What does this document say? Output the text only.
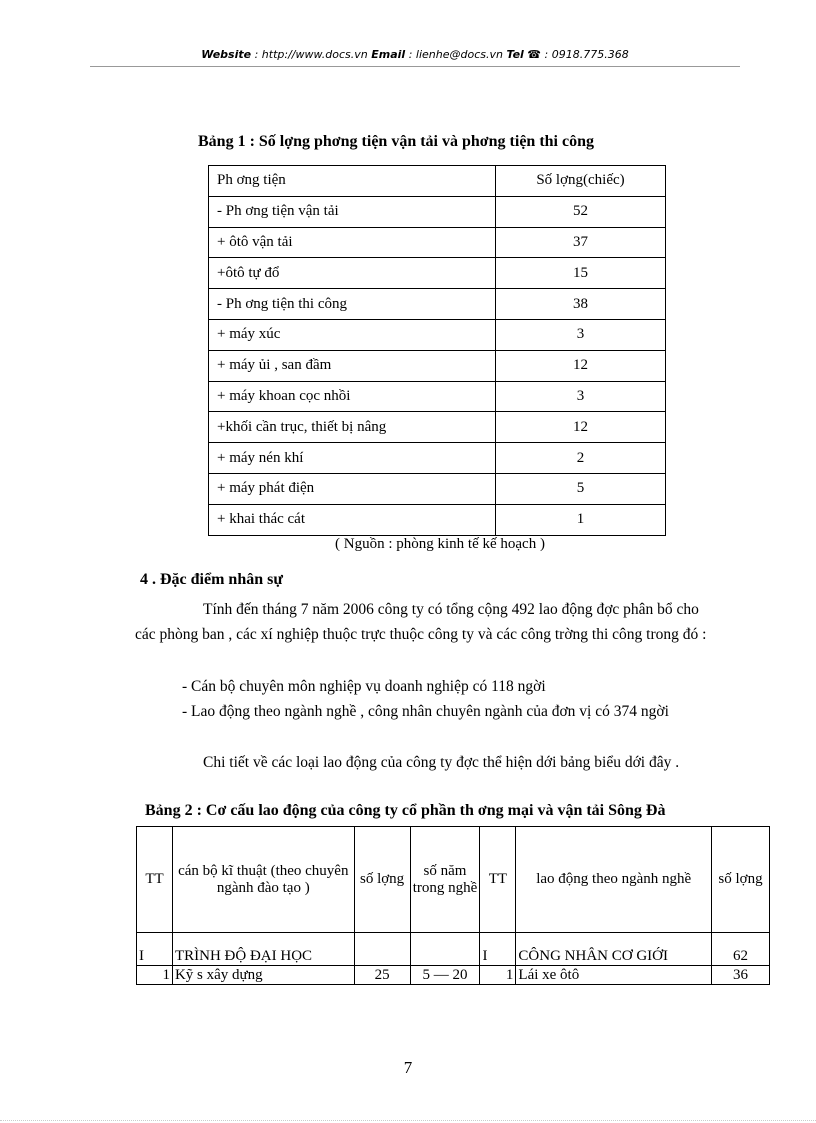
Website : http://www.docs.vn Email : lienhe@docs.vn Tel ☎ : 0918.775.368
Bảng 1 : Số lợng phơng tiện vận tải và phơng tiện thi công
Ph ơng tiện	Số lợng(chiếc)
- Ph ơng tiện vận tải	52
+ ôtô vận tải	37
+ôtô tự đổ	15
- Ph ơng tiện thi công	38
+ máy xúc	3
+ máy ủi , san đầm	12
+ máy khoan cọc nhồi	3
+khối cần trục, thiết bị nâng	12
+ máy nén khí	2
+ máy phát điện	5
+ khai thác cát	1
( Nguồn : phòng kinh tế kế hoạch )
4 . Đặc điểm nhân sự

Tính đến tháng 7 năm 2006 công ty có tổng cộng 492 lao động đợc phân bổ cho các phòng ban , các xí nghiệp thuộc trực thuộc công ty và các công trờng thi công trong đó :

- Cán bộ chuyên môn nghiệp vụ doanh nghiệp có 118 ngời

- Lao động theo ngành nghề , công nhân chuyên ngành của đơn vị có 374 ngời

Chi tiết về các loại lao động của công ty đợc thể hiện dới bảng biểu dới đây .

Bảng 2 : Cơ cấu lao động của công ty cổ phần th ơng mại và vận tải Sông Đà
TT	cán bộ kĩ thuật (theo chuyên ngành đào tạo )	số lợng	số năm trong nghề	TT	lao động theo ngành nghề	số lợng
I	TRÌNH ĐỘ ĐẠI HỌC			I	CÔNG NHÂN CƠ GIỚI	62
1	Kỹ s xây dựng	25	5 — 20	1	Lái xe ôtô	36
7
